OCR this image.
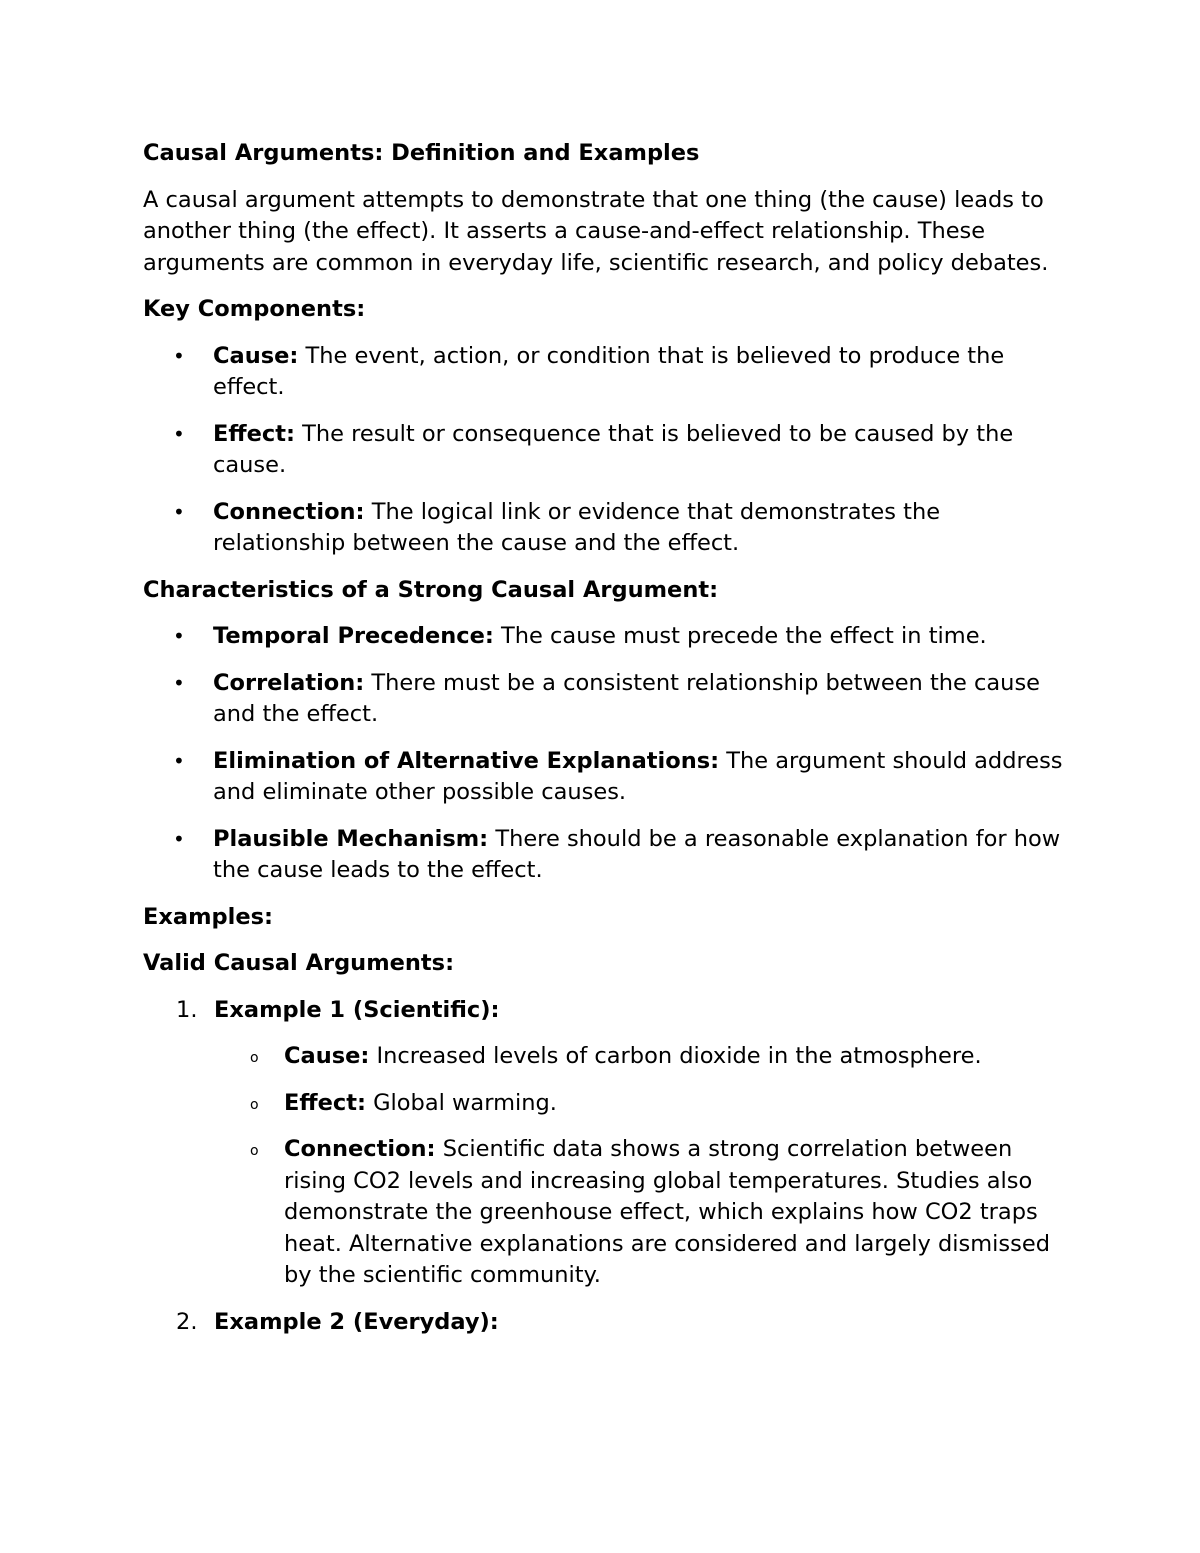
Causal Arguments: Definition and Examples

A causal argument attempts to demonstrate that one thing (the cause) leads to another thing (the effect). It asserts a cause-and-effect relationship. These arguments are common in everyday life, scientific research, and policy debates.

Key Components:

• Cause: The event, action, or condition that is believed to produce the effect.
• Effect: The result or consequence that is believed to be caused by the cause.
• Connection: The logical link or evidence that demonstrates the relationship between the cause and the effect.

Characteristics of a Strong Causal Argument:

• Temporal Precedence: The cause must precede the effect in time.
• Correlation: There must be a consistent relationship between the cause and the effect.
• Elimination of Alternative Explanations: The argument should address and eliminate other possible causes.
• Plausible Mechanism: There should be a reasonable explanation for how the cause leads to the effect.

Examples:

Valid Causal Arguments:

1. Example 1 (Scientific):

o Cause: Increased levels of carbon dioxide in the atmosphere.
o Effect: Global warming.
o Connection: Scientific data shows a strong correlation between rising CO2 levels and increasing global temperatures. Studies also demonstrate the greenhouse effect, which explains how CO2 traps heat. Alternative explanations are considered and largely dismissed by the scientific community.
2. Example 2 (Everyday):
